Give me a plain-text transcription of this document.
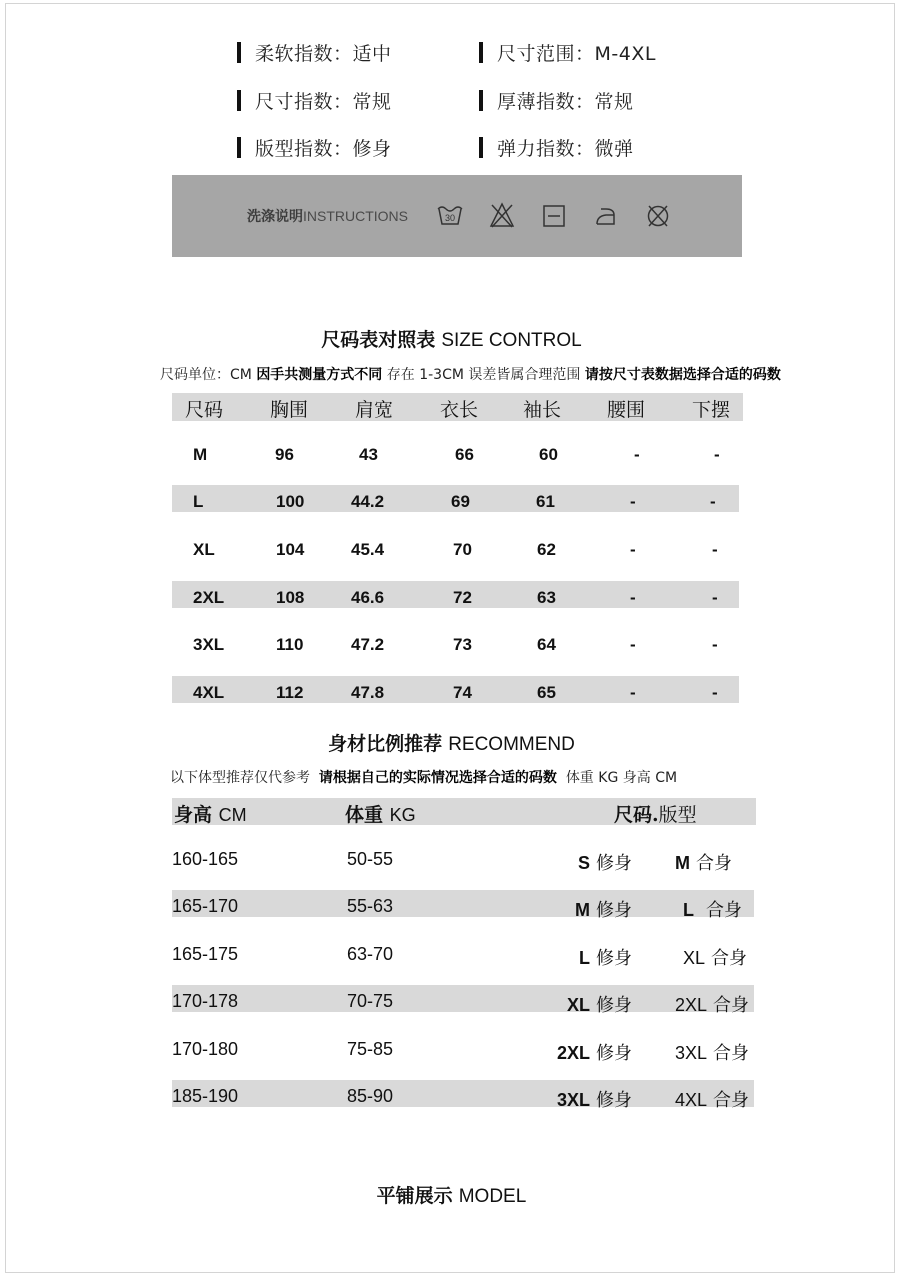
柔软指数：适中	尺寸范围：M-4XL
尺寸指数：常规	厚薄指数：常规
版型指数：修身	弹力指数：微弹
洗涤说明INSTRUCTIONS	30
尺码表对照表 SIZE CONTROL
尺码单位：CM 因手共测量方式不同 存在 1-3CM 误差皆属合理范围 请按尺寸表数据选择合适的码数
尺码 胸围 肩宽 衣长 袖长 腰围 下摆
M	96	43	66	60	-	-
L	100	44.2	69	61	-	-
XL	104	45.4	70	62	-	-
2XL	108	46.6	72	63	-	-
3XL	110	47.2	73	64	-	-
4XL	112	47.8	74	65	-	-
身材比例推荐 RECOMMEND
以下体型推荐仅代参考 请根据自己的实际情况选择合适的码数 体重 KG 身高 CM
身高 CM	体重 KG	尺码.版型
160-165	50-55	S 修身 M 合身
165-170	55-63	M 修身	L 合身
165-175	63-70	L 修身	XL 合身
170-178	70-75	XL 修身 2XL 合身
170-180	75-85	2XL 修身 3XL 合身
185-190	85-90	3XL 修身 4XL 合身
平铺展示 MODEL
